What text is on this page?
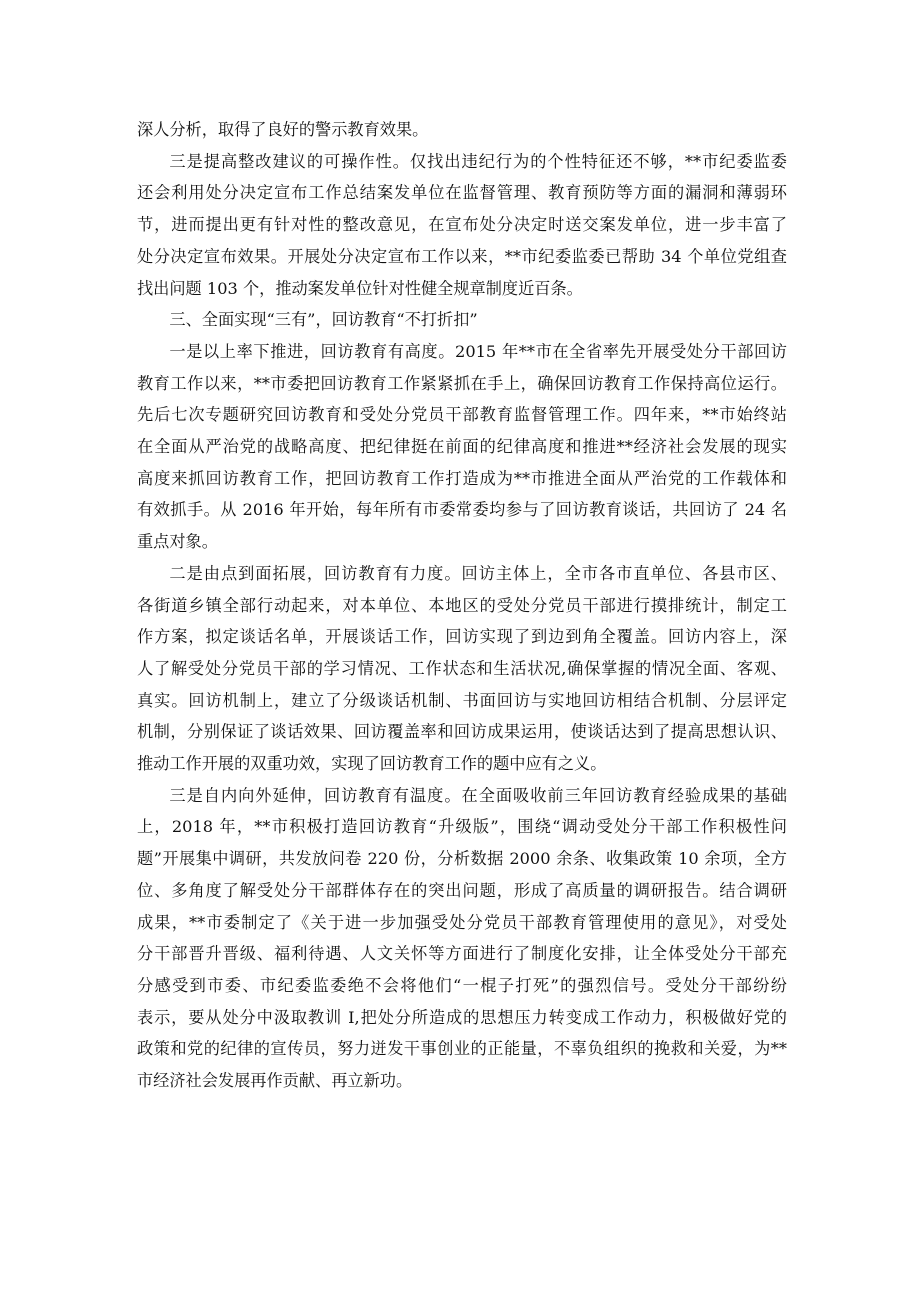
深人分析，取得了良好的警示教育效果。
三是提高整改建议的可操作性。仅找出违纪行为的个性特征还不够，**市纪委监委
还会利用处分决定宣布工作总结案发单位在监督管理、教育预防等方面的漏洞和薄弱环
节，进而提出更有针对性的整改意见，在宣布处分决定时送交案发单位，进一步丰富了
处分决定宣布效果。开展处分决定宣布工作以来，**市纪委监委已帮助 34 个单位党组查
找出问题 103 个，推动案发单位针对性健全规章制度近百条。
三、全面实现“三有”，回访教育“不打折扣”
一是以上率下推进，回访教育有高度。2015 年**市在全省率先开展受处分干部回访
教育工作以来，**市委把回访教育工作紧紧抓在手上，确保回访教育工作保持高位运行。
先后七次专题研究回访教育和受处分党员干部教育监督管理工作。四年来，**市始终站
在全面从严治党的战略高度、把纪律挺在前面的纪律高度和推进**经济社会发展的现实
高度来抓回访教育工作，把回访教育工作打造成为**市推进全面从严治党的工作载体和
有效抓手。从 2016 年开始，每年所有市委常委均参与了回访教育谈话，共回访了 24 名
重点对象。
二是由点到面拓展，回访教育有力度。回访主体上，全市各市直单位、各县市区、
各街道乡镇全部行动起来，对本单位、本地区的受处分党员干部进行摸排统计，制定工
作方案，拟定谈话名单，开展谈话工作，回访实现了到边到角全覆盖。回访内容上，深
人了解受处分党员干部的学习情况、工作状态和生活状况,确保掌握的情况全面、客观、
真实。回访机制上，建立了分级谈话机制、书面回访与实地回访相结合机制、分层评定
机制，分别保证了谈话效果、回访覆盖率和回访成果运用，使谈话达到了提高思想认识、
推动工作开展的双重功效，实现了回访教育工作的题中应有之义。
三是自内向外延伸，回访教育有温度。在全面吸收前三年回访教育经验成果的基础
上，2018 年，**市积极打造回访教育“升级版”，围绕“调动受处分干部工作积极性问
题”开展集中调研，共发放问卷 220 份，分析数据 2000 余条、收集政策 10 余项，全方
位、多角度了解受处分干部群体存在的突出问题，形成了高质量的调研报告。结合调研
成果，**市委制定了《关于进一步加强受处分党员干部教育管理使用的意见》，对受处
分干部晋升晋级、福利待遇、人文关怀等方面进行了制度化安排，让全体受处分干部充
分感受到市委、市纪委监委绝不会将他们“一棍子打死”的强烈信号。受处分干部纷纷
表示，要从处分中汲取教训 I,把处分所造成的思想压力转变成工作动力，积极做好党的
政策和党的纪律的宣传员，努力迸发干事创业的正能量，不辜负组织的挽救和关爱，为**
市经济社会发展再作贡献、再立新功。
